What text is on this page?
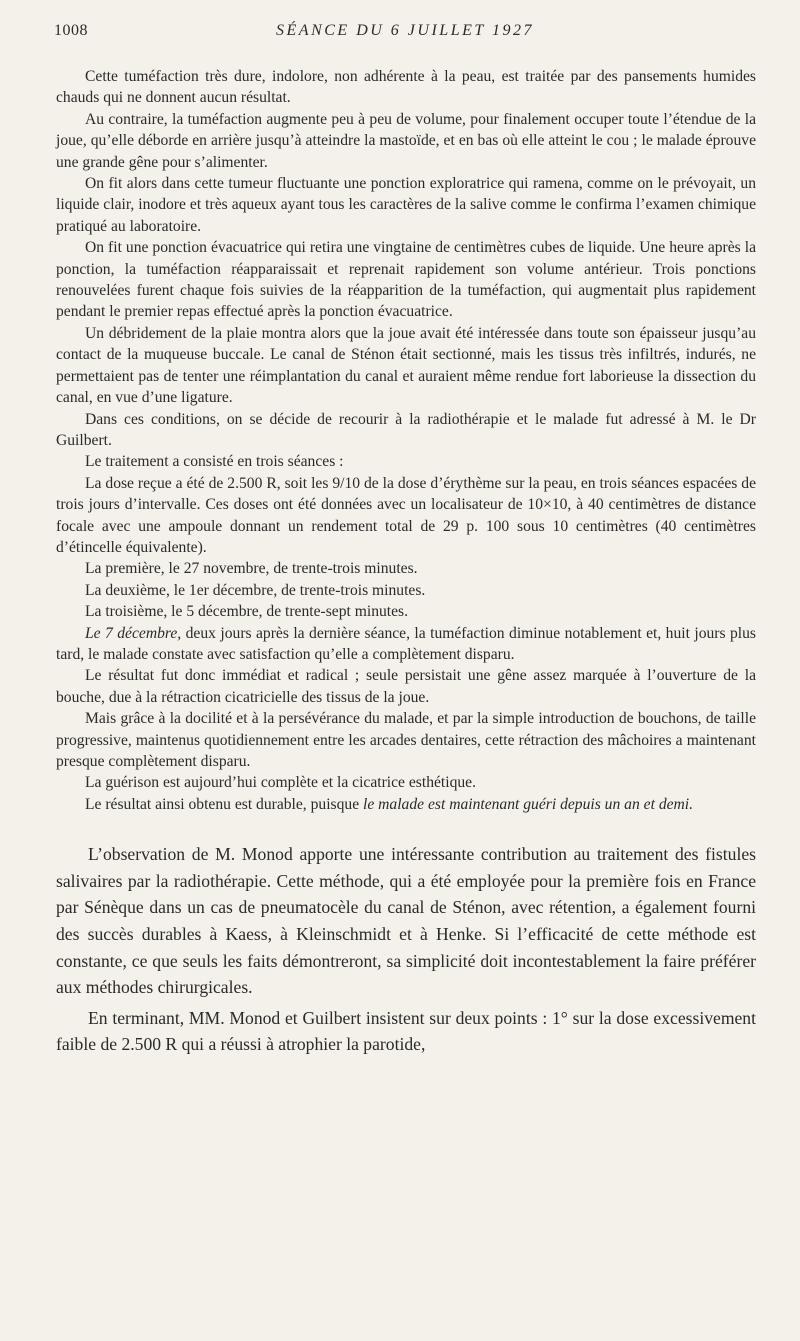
1008	SÉANCE DU 6 JUILLET 1927

Cette tuméfaction très dure, indolore, non adhérente à la peau, est traitée par des pansements humides chauds qui ne donnent aucun résultat.

Au contraire, la tuméfaction augmente peu à peu de volume, pour finalement occuper toute l’étendue de la joue, qu’elle déborde en arrière jusqu’à atteindre la mastoïde, et en bas où elle atteint le cou ; le malade éprouve une grande gêne pour s’alimenter.

On fit alors dans cette tumeur fluctuante une ponction exploratrice qui ramena, comme on le prévoyait, un liquide clair, inodore et très aqueux ayant tous les caractères de la salive comme le confirma l’examen chimique pratiqué au laboratoire.

On fit une ponction évacuatrice qui retira une vingtaine de centimètres cubes de liquide. Une heure après la ponction, la tuméfaction réapparaissait et reprenait rapidement son volume antérieur. Trois ponctions renouvelées furent chaque fois suivies de la réapparition de la tuméfaction, qui augmentait plus rapidement pendant le premier repas effectué après la ponction évacuatrice.

Un débridement de la plaie montra alors que la joue avait été intéressée dans toute son épaisseur jusqu’au contact de la muqueuse buccale. Le canal de Sténon était sectionné, mais les tissus très infiltrés, indurés, ne permettaient pas de tenter une réimplantation du canal et auraient même rendue fort laborieuse la dissection du canal, en vue d’une ligature.

Dans ces conditions, on se décide de recourir à la radiothérapie et le malade fut adressé à M. le Dr Guilbert.

Le traitement a consisté en trois séances :

La dose reçue a été de 2.500 R, soit les 9/10 de la dose d’érythème sur la peau, en trois séances espacées de trois jours d’intervalle. Ces doses ont été données avec un localisateur de 10×10, à 40 centimètres de distance focale avec une ampoule donnant un rendement total de 29 p. 100 sous 10 centimètres (40 centimètres d’étincelle équivalente).

La première, le 27 novembre, de trente-trois minutes.

La deuxième, le 1er décembre, de trente-trois minutes.

La troisième, le 5 décembre, de trente-sept minutes.

Le 7 décembre, deux jours après la dernière séance, la tuméfaction diminue notablement et, huit jours plus tard, le malade constate avec satisfaction qu’elle a complètement disparu.

Le résultat fut donc immédiat et radical ; seule persistait une gêne assez marquée à l’ouverture de la bouche, due à la rétraction cicatricielle des tissus de la joue.

Mais grâce à la docilité et à la persévérance du malade, et par la simple introduction de bouchons, de taille progressive, maintenus quotidiennement entre les arcades dentaires, cette rétraction des mâchoires a maintenant presque complètement disparu.

La guérison est aujourd’hui complète et la cicatrice esthétique.

Le résultat ainsi obtenu est durable, puisque le malade est maintenant guéri depuis un an et demi.

L’observation de M. Monod apporte une intéressante contribution au traitement des fistules salivaires par la radiothérapie. Cette méthode, qui a été employée pour la première fois en France par Sénèque dans un cas de pneumatocèle du canal de Sténon, avec rétention, a également fourni des succès durables à Kaess, à Kleinschmidt et à Henke. Si l’efficacité de cette méthode est constante, ce que seuls les faits démontreront, sa simplicité doit incontestablement la faire préférer aux méthodes chirurgicales.

En terminant, MM. Monod et Guilbert insistent sur deux points : 1° sur la dose excessivement faible de 2.500 R qui a réussi à atrophier la parotide,
